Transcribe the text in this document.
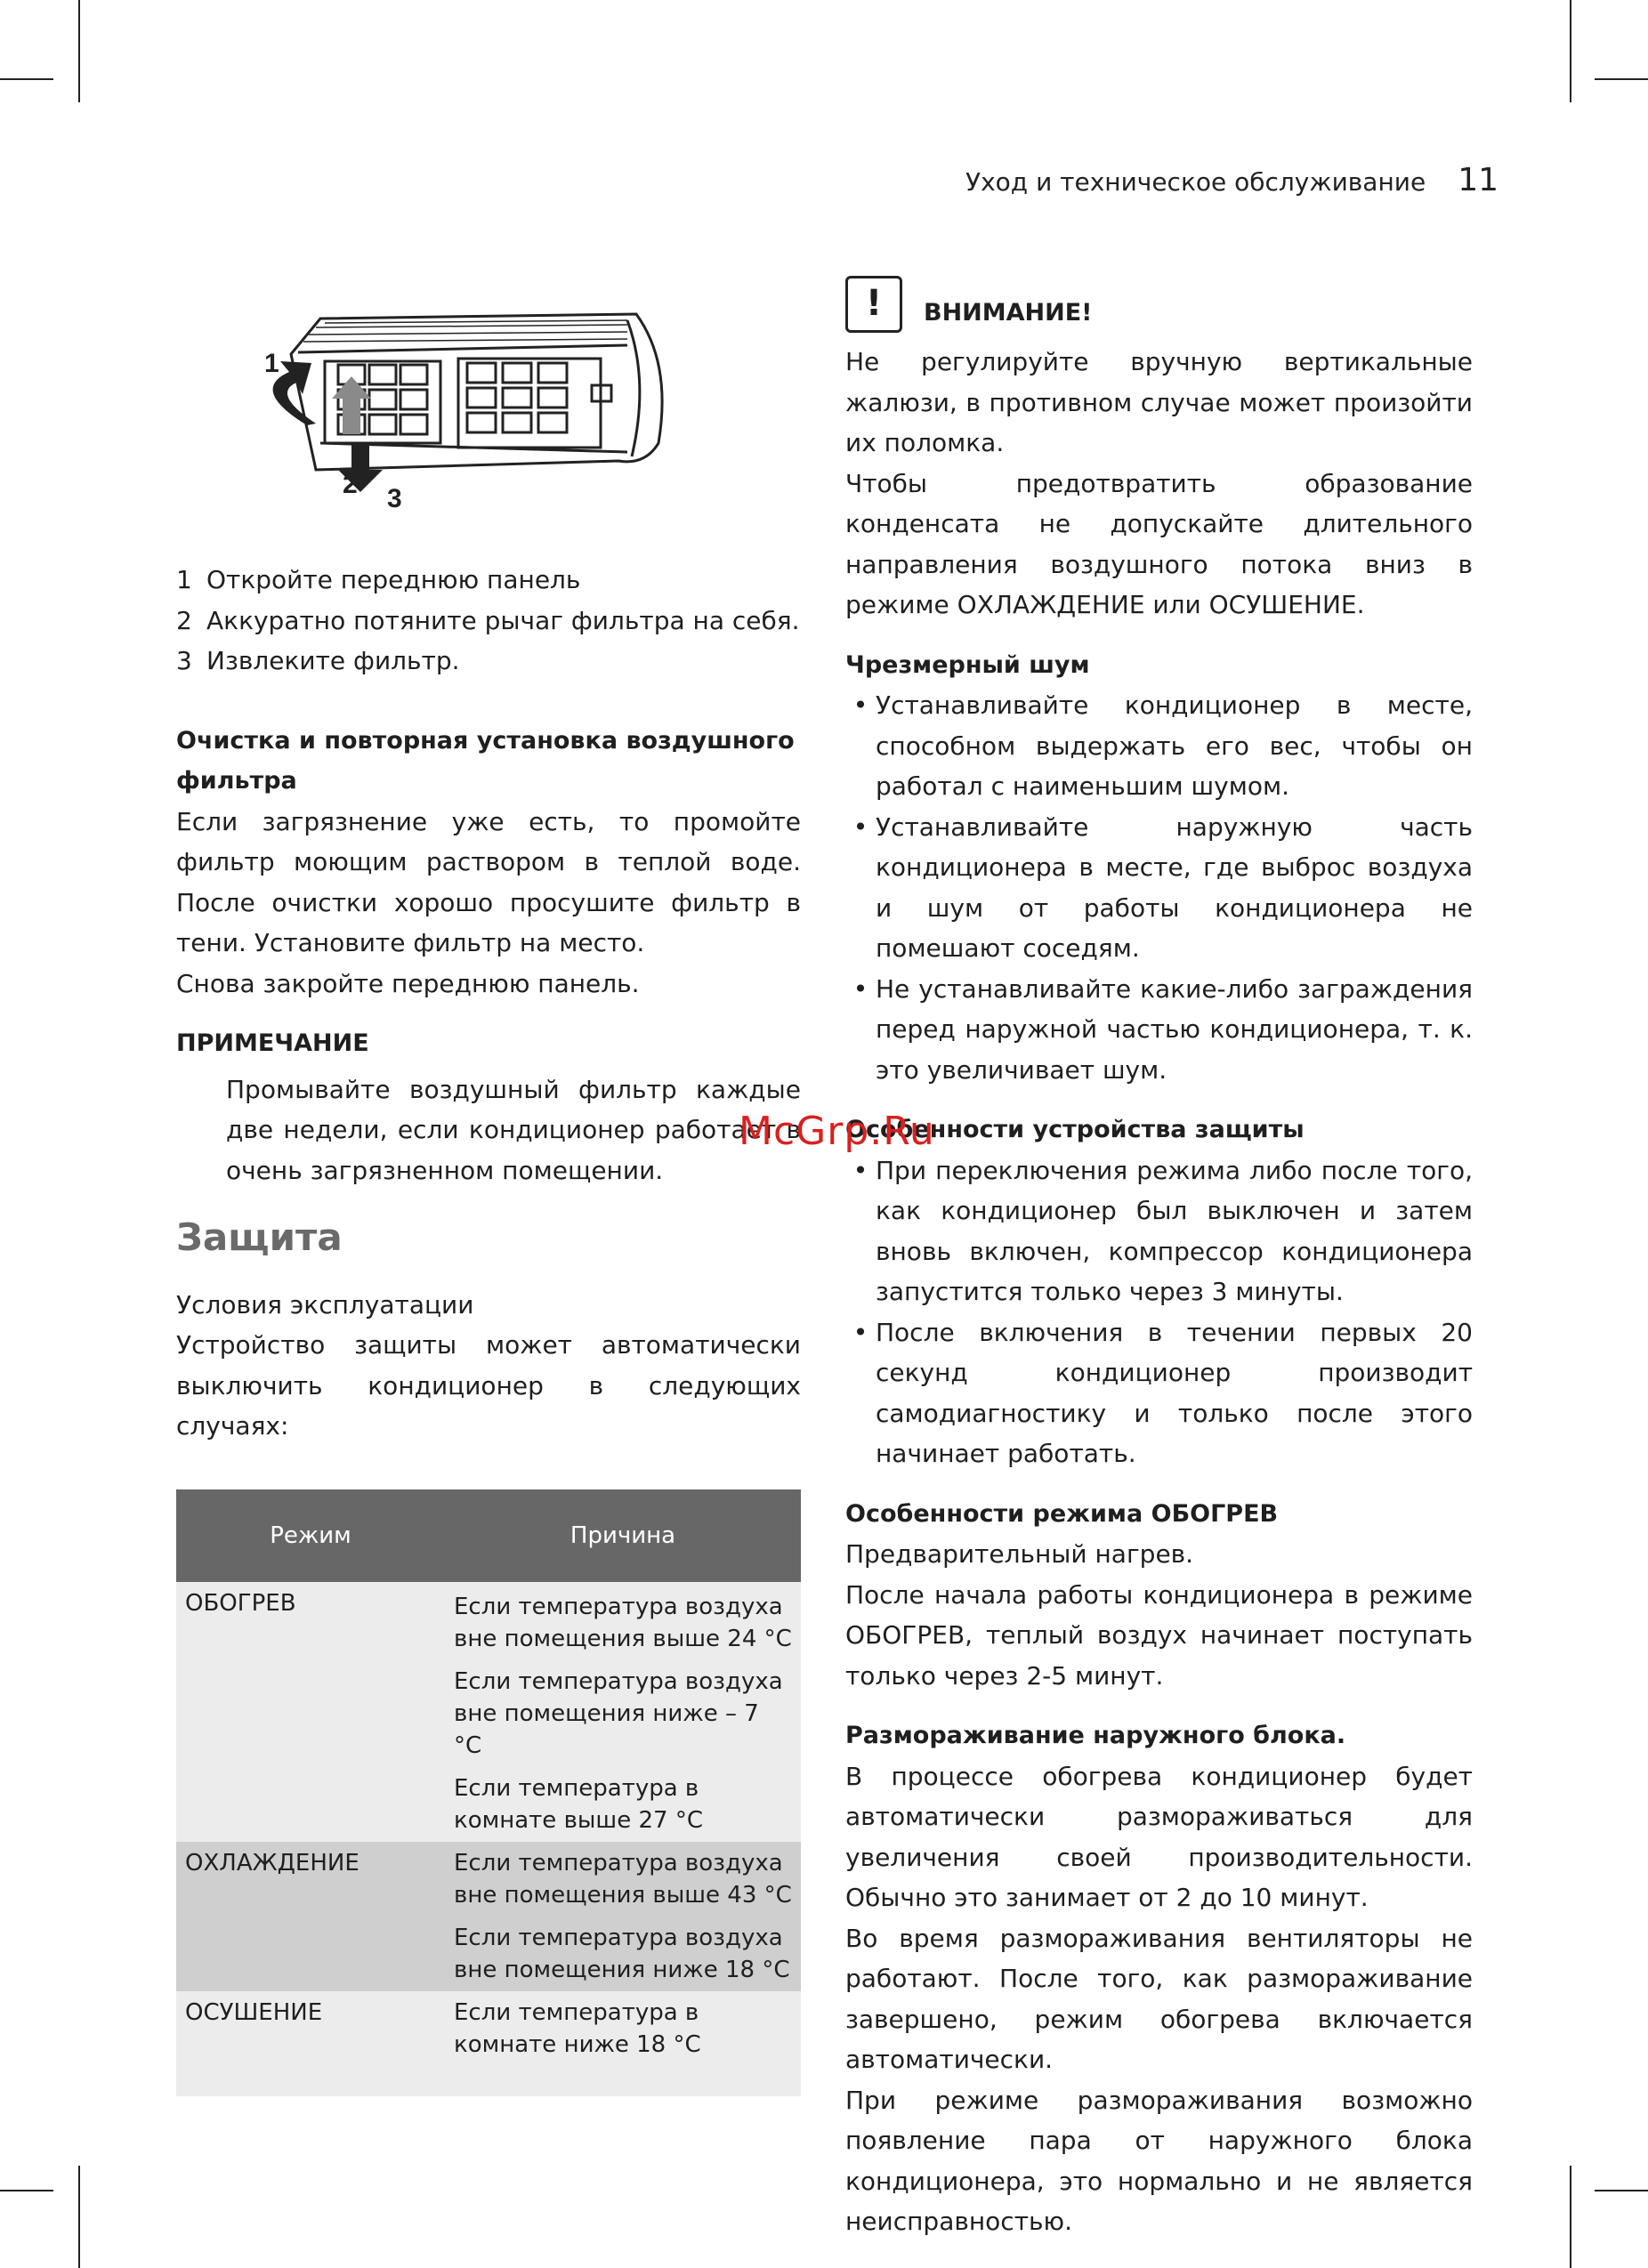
Уход и техническое обслуживание 11
1
2 3
1 Откройте переднюю панель
2 Аккуратно потяните рычаг фильтра на себя.
3 Извлеките фильтр.

Очистка и повторная установка воздушного фильтра

Если загрязнение уже есть, то промойте фильтр моющим раствором в теплой воде. После очистки хорошо просушите фильтр в тени. Установите фильтр на место.

Снова закройте переднюю панель.

ПРИМЕЧАНИЕ

Промывайте воздушный фильтр каждые две недели, если кондиционер работает в очень загрязненном помещении.

Защита

Условия эксплуатации

Устройство защиты может автоматически выключить кондиционер в следующих случаях:

Режим	Причина
ОБОГРЕВ	Если температура воздуха вне помещения выше 24 °С
	Если температура воздуха вне помещения ниже – 7 °С
	Если температура в комнате выше 27 °С
ОХЛАЖДЕНИЕ	Если температура воздуха вне помещения выше 43 °С
	Если температура воздуха вне помещения ниже 18 °С
ОСУШЕНИЕ	Если температура в комнате ниже 18 °С
!	ВНИМАНИЕ!

Не регулируйте вручную вертикальные жалюзи, в противном случае может произойти их поломка.

Чтобы предотвратить образование конденсата не допускайте длительного направления воздушного потока вниз в режиме ОХЛАЖДЕНИЕ или ОСУШЕНИЕ.

Чрезмерный шум

• Устанавливайте кондиционер в месте, способном выдержать его вес, чтобы он работал с наименьшим шумом.
• Устанавливайте наружную часть кондиционера в месте, где выброс воздуха и шум от работы кондиционера не помешают соседям.
• Не устанавливайте какие-либо заграждения перед наружной частью кондиционера, т. к. это увеличивает шум.

Особенности устройства защиты

• При переключения режима либо после того, как кондиционер был выключен и затем вновь включен, компрессор кондиционера запустится только через 3 минуты.
• После включения в течении первых 20 секунд кондиционер производит самодиагностику и только после этого начинает работать.

Особенности режима ОБОГРЕВ

Предварительный нагрев.

После начала работы кондиционера в режиме ОБОГРЕВ, теплый воздух начинает поступать только через 2-5 минут.

Размораживание наружного блока.

В процессе обогрева кондиционер будет автоматически размораживаться для увеличения своей производительности. Обычно это занимает от 2 до 10 минут.

Во время размораживания вентиляторы не работают. После того, как размораживание завершено, режим обогрева включается автоматически.

При режиме размораживания возможно появление пара от наружного блока кондиционера, это нормально и не является неисправностью.

McGrp.Ru
